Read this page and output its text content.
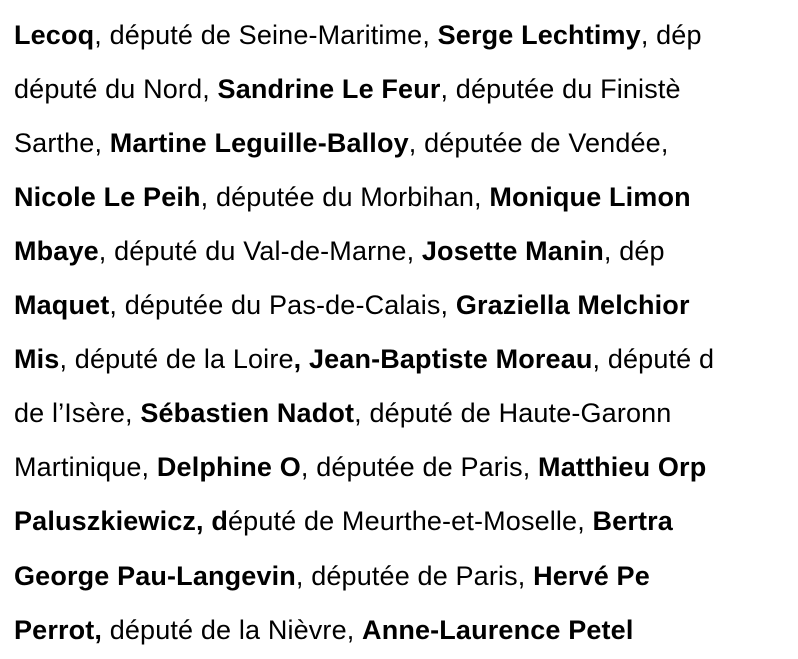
Lecoq, député de Seine-Maritime, Serge Lechtimy, dép
député du Nord, Sandrine Le Feur, députée du Finistè
Sarthe, Martine Leguille-Balloy, députée de Vendée,
Nicole Le Peih, députée du Morbihan, Monique Limon
Mbaye, député du Val-de-Marne, Josette Manin, dép
Maquet, députée du Pas-de-Calais, Graziella Melchior
Mis, député de la Loire, Jean-Baptiste Moreau, député d
de l’Isère, Sébastien Nadot, député de Haute-Garonn
Martinique, Delphine O, députée de Paris, Matthieu Orp
Paluszkiewicz, député de Meurthe-et-Moselle, Bertra
George Pau-Langevin, députée de Paris, Hervé Pe
Perrot, député de la Nièvre, Anne-Laurence Petel
